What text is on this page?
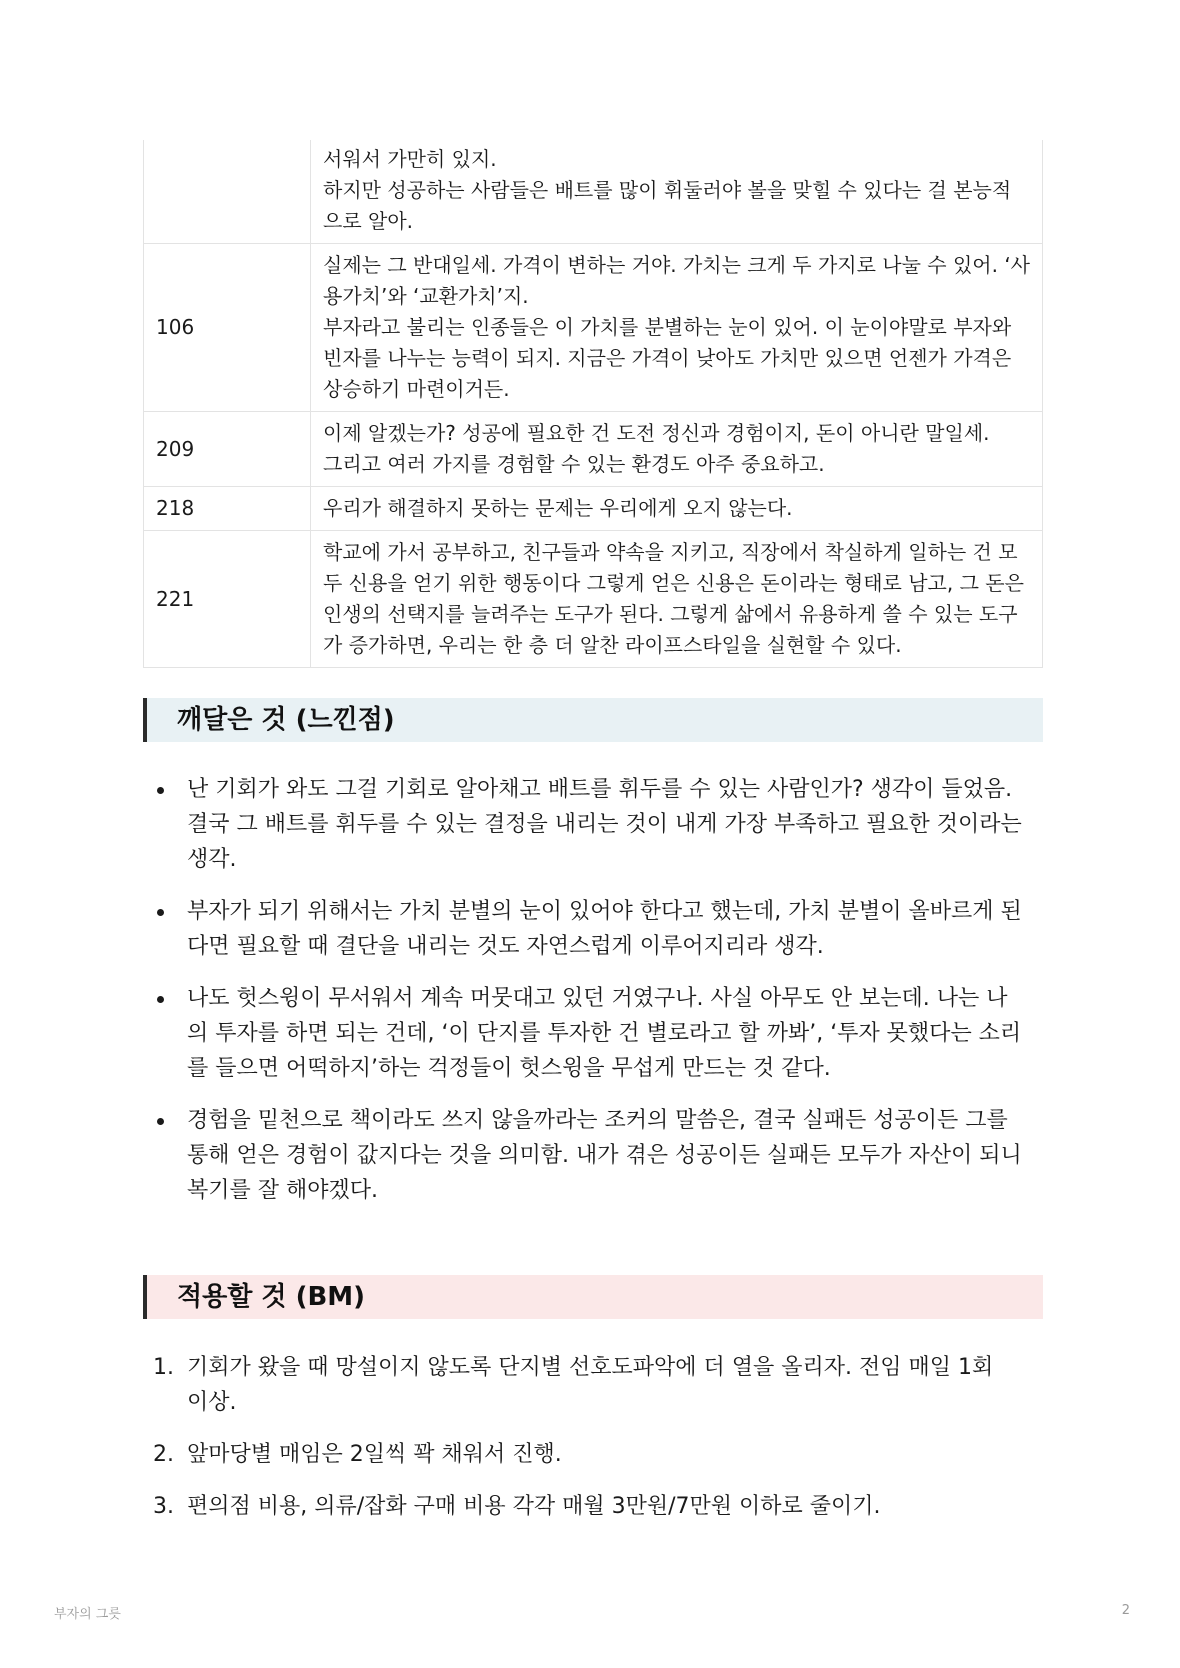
	서워서 가만히 있지.
하지만 성공하는 사람들은 배트를 많이 휘둘러야 볼을 맞힐 수 있다는 걸 본능적
으로 알아.

106	실제는 그 반대일세. 가격이 변하는 거야. 가치는 크게 두 가지로 나눌 수 있어. ‘사
용가치’와 ‘교환가치’지.
부자라고 불리는 인종들은 이 가치를 분별하는 눈이 있어. 이 눈이야말로 부자와
빈자를 나누는 능력이 되지. 지금은 가격이 낮아도 가치만 있으면 언젠가 가격은
상승하기 마련이거든.

209	이제 알겠는가? 성공에 필요한 건 도전 정신과 경험이지, 돈이 아니란 말일세.
그리고 여러 가지를 경험할 수 있는 환경도 아주 중요하고.

218	우리가 해결하지 못하는 문제는 우리에게 오지 않는다.

221	학교에 가서 공부하고, 친구들과 약속을 지키고, 직장에서 착실하게 일하는 건 모
두 신용을 얻기 위한 행동이다 그렇게 얻은 신용은 돈이라는 형태로 남고, 그 돈은
인생의 선택지를 늘려주는 도구가 된다. 그렇게 삶에서 유용하게 쓸 수 있는 도구
가 증가하면, 우리는 한 층 더 알찬 라이프스타일을 실현할 수 있다.
깨달은 것 (느낀점)
난 기회가 와도 그걸 기회로 알아채고 배트를 휘두를 수 있는 사람인가? 생각이 들었음.
결국 그 배트를 휘두를 수 있는 결정을 내리는 것이 내게 가장 부족하고 필요한 것이라는
생각.
부자가 되기 위해서는 가치 분별의 눈이 있어야 한다고 했는데, 가치 분별이 올바르게 된
다면 필요할 때 결단을 내리는 것도 자연스럽게 이루어지리라 생각.
나도 헛스윙이 무서워서 계속 머뭇대고 있던 거였구나. 사실 아무도 안 보는데. 나는 나
의 투자를 하면 되는 건데, ‘이 단지를 투자한 건 별로라고 할 까봐’, ‘투자 못했다는 소리
를 들으면 어떡하지’하는 걱정들이 헛스윙을 무섭게 만드는 것 같다.
경험을 밑천으로 책이라도 쓰지 않을까라는 조커의 말씀은, 결국 실패든 성공이든 그를
통해 얻은 경험이 값지다는 것을 의미함. 내가 겪은 성공이든 실패든 모두가 자산이 되니
복기를 잘 해야겠다.
적용할 것 (BM)
1. 기회가 왔을 때 망설이지 않도록 단지별 선호도파악에 더 열을 올리자. 전임 매일 1회
이상.
2. 앞마당별 매임은 2일씩 꽉 채워서 진행.
3. 편의점 비용, 의류/잡화 구매 비용 각각 매월 3만원/7만원 이하로 줄이기.
부자의 그릇	2
